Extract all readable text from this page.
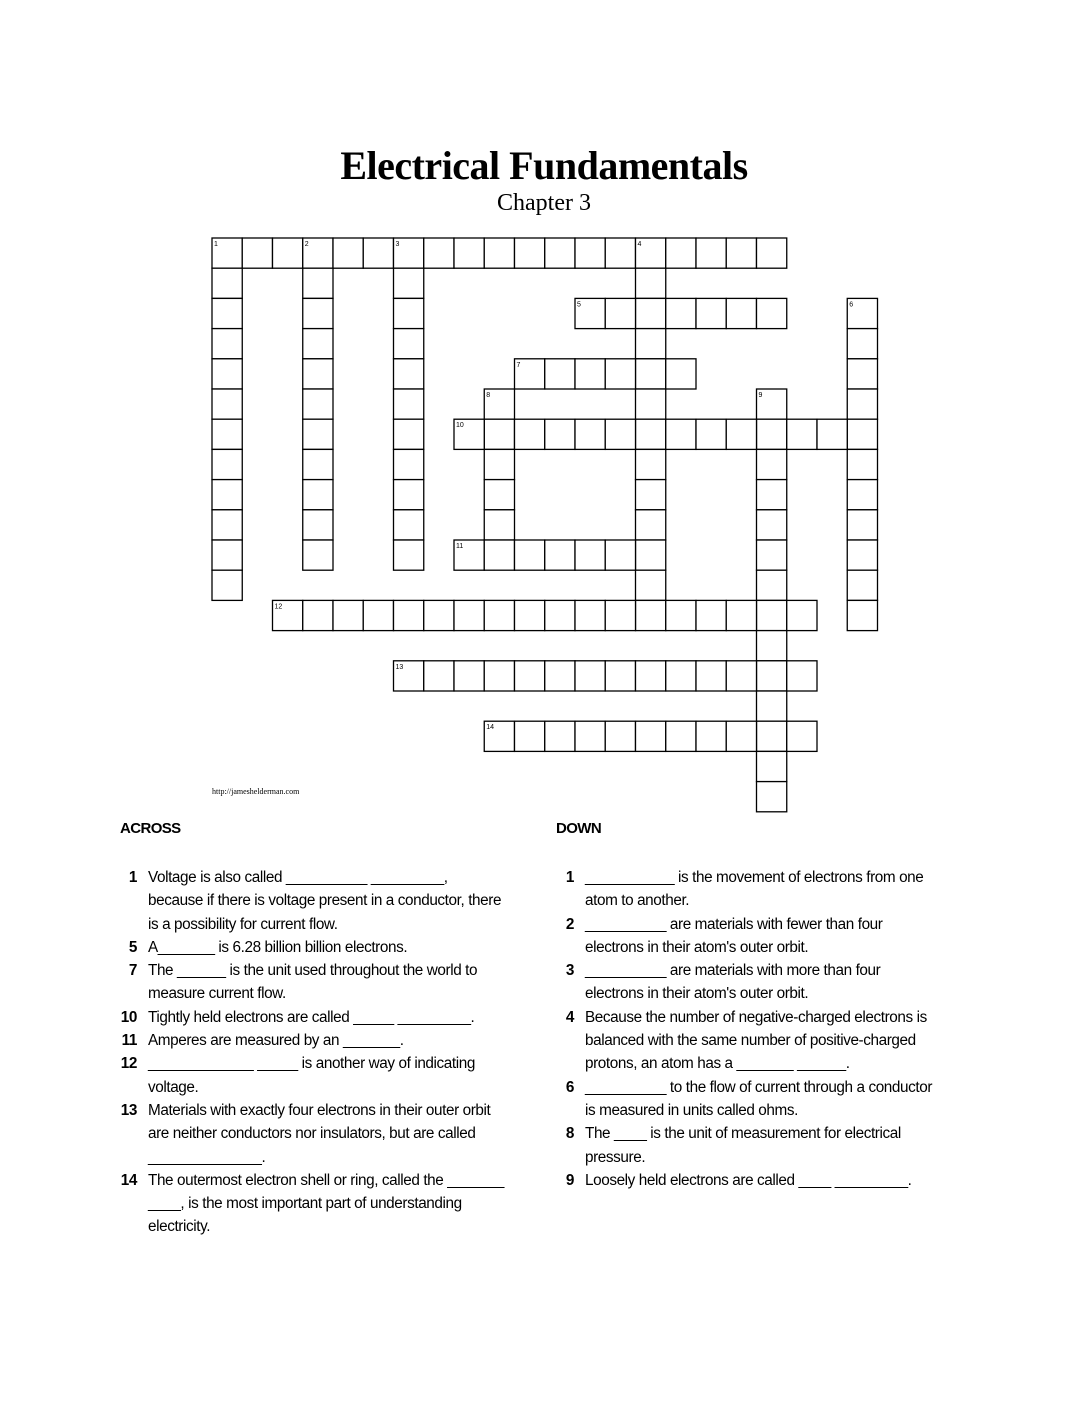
Electrical Fundamentals
Chapter 3
1	2	3	4
5	6
7
8	9
10
11
12
13
14
http://jameshelderman.com
ACROSS	DOWN
1 Voltage is also called __________ _________, because if there is voltage present in a conductor, there is a possibility for current flow.
5 A_______ is 6.28 billion billion electrons.
7 The ______ is the unit used throughout the world to measure current flow.
10 Tightly held electrons are called _____ _________.
11 Amperes are measured by an _______.
12 _____________ _____ is another way of indicating voltage.
13 Materials with exactly four electrons in their outer orbit are neither conductors nor insulators, but are called ______________.
14 The outermost electron shell or ring, called the _______ ____, is the most important part of understanding electricity.
1 ___________ is the movement of electrons from one atom to another.
2 __________ are materials with fewer than four electrons in their atom's outer orbit.
3 __________ are materials with more than four electrons in their atom's outer orbit.
4 Because the number of negative-charged electrons is balanced with the same number of positive-charged protons, an atom has a _______ ______.
6 __________ to the flow of current through a conductor is measured in units called ohms.
8 The ____ is the unit of measurement for electrical pressure.
9 Loosely held electrons are called ____ _________.
